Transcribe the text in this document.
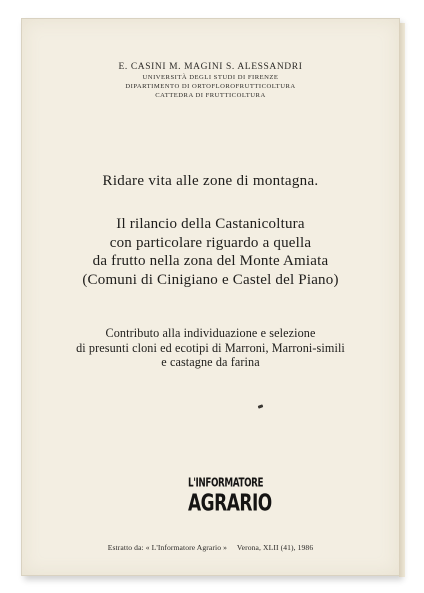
E. CASINI M. MAGINI S. ALESSANDRI
UNIVERSITÀ DEGLI STUDI DI FIRENZE
DIPARTIMENTO DI ORTOFLOROFRUTTICOLTURA
CATTEDRA DI FRUTTICOLTURA
Ridare vita alle zone di montagna.
Il rilancio della Castanicoltura
con particolare riguardo a quella
da frutto nella zona del Monte Amiata
(Comuni di Cinigiano e Castel del Piano)
Contributo alla individuazione e selezione
di presunti cloni ed ecotipi di Marroni, Marroni-simili
e castagne da farina
L'INFORMATORE
AGRARIO
Estratto da: « L'Informatore Agrario » Verona, XLII (41), 1986
